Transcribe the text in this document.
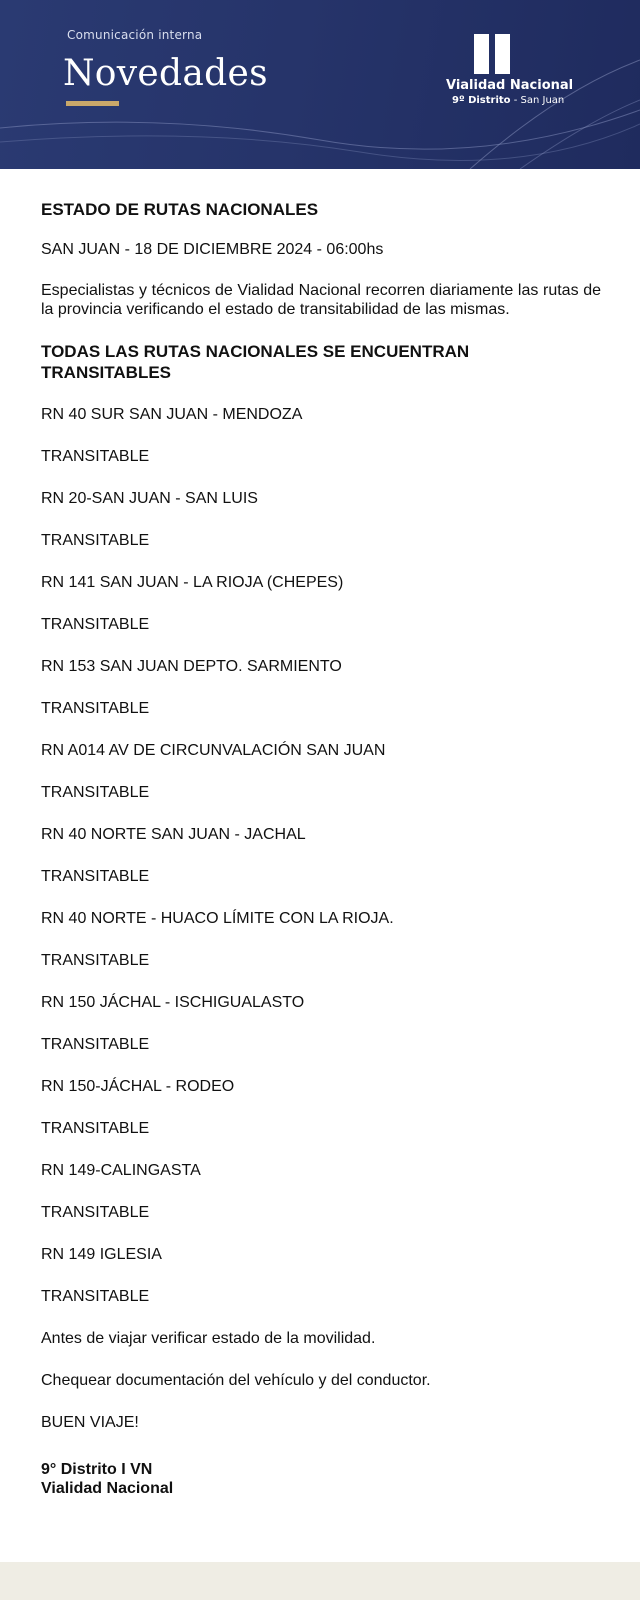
Comunicación interna
Novedades	Vialidad Nacional
9º Distrito - San Juan
ESTADO DE RUTAS NACIONALES
SAN JUAN - 18 DE DICIEMBRE 2024 - 06:00hs
Especialistas y técnicos de Vialidad Nacional recorren diariamente las rutas de la provincia verificando el estado de transitabilidad de las mismas.
TODAS LAS RUTAS NACIONALES SE ENCUENTRAN TRANSITABLES
RN 40 SUR SAN JUAN - MENDOZA
TRANSITABLE
RN 20-SAN JUAN - SAN LUIS
TRANSITABLE
RN 141 SAN JUAN - LA RIOJA (CHEPES)
TRANSITABLE
RN 153 SAN JUAN DEPTO. SARMIENTO
TRANSITABLE
RN A014 AV DE CIRCUNVALACIÓN SAN JUAN
TRANSITABLE
RN 40 NORTE SAN JUAN - JACHAL
TRANSITABLE
RN 40 NORTE - HUACO LÍMITE CON LA RIOJA.
TRANSITABLE
RN 150 JÁCHAL - ISCHIGUALASTO
TRANSITABLE
RN 150-JÁCHAL - RODEO
TRANSITABLE
RN 149-CALINGASTA
TRANSITABLE
RN 149 IGLESIA
TRANSITABLE
Antes de viajar verificar estado de la movilidad.
Chequear documentación del vehículo y del conductor.
BUEN VIAJE!
9° Distrito I VN
Vialidad Nacional
